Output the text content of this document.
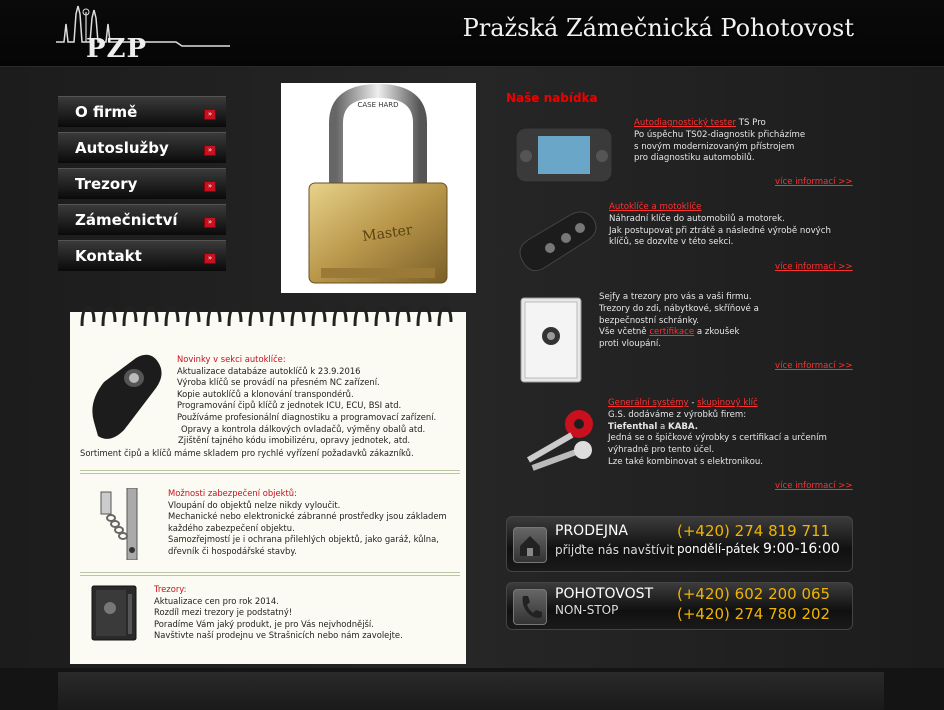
PZP
Pražská Zámečnická Pohotovost
O firmě	»
Autoslužby	»
Trezory	»
Zámečnictví	»
Kontakt	»
CASE HARD
Master
Novinky v sekci autoklíče:
Aktualizace databáze autoklíčů k 23.9.2016
Výroba klíčů se provádí na přesném NC zařízení.
Kopie autoklíčů a klonování transpondérů.
Programování čipů klíčů z jednotek ICU, ECU, BSI atd.
Používáme profesionální diagnostiku a programovací zařízení.
Opravy a kontrola dálkových ovladačů, výměny obalů atd.
Zjištění tajného kódu imobilizéru, opravy jednotek, atd.
Sortiment čipů a klíčů máme skladem pro rychlé vyřízení požadavků zákazníků.
Možnosti zabezpečení objektů:
Vloupání do objektů nelze nikdy vyloučit.
Mechanické nebo elektronické zábranné prostředky jsou základem
každého zabezpečení objektu.
Samozřejmostí je i ochrana přilehlých objektů, jako garáž, kůlna,
dřevník či hospodářské stavby.
Trezory:
Aktualizace cen pro rok 2014.
Rozdíl mezi trezory je podstatný!
Poradíme Vám jaký produkt, je pro Vás nejvhodnější.
Navštivte naší prodejnu ve Strašnicích nebo nám zavolejte.
Naše nabídka
Autodiagnostický tester TS Pro
Po úspěchu TS02-diagnostik přicházíme
s novým modernizovaným přístrojem
pro diagnostiku automobilů.
více informací >>
Autoklíče a motoklíče
Náhradní klíče do automobilů a motorek.
Jak postupovat při ztrátě a následné výrobě nových
klíčů, se dozvíte v této sekci.
více informací >>
Sejfy a trezory pro vás a vaši firmu.
Trezory do zdi, nábytkové, skříňové a
bezpečnostní schránky.
Vše včetně certifikace a zkoušek
proti vloupání.
více informací >>
Generální systémy - skupinový klíč
G.S. dodáváme z výrobků firem:
Tiefenthal a KABA.
Jedná se o špičkové výrobky s certifikací a určením
výhradně pro tento účel.
Lze také kombinovat s elektronikou.
více informací >>
PRODEJNA
přijďte nás navštívit
(+420) 274 819 711
pondělí-pátek 9:00-16:00
POHOTOVOST
NON-STOP
(+420) 602 200 065
(+420) 274 780 202
